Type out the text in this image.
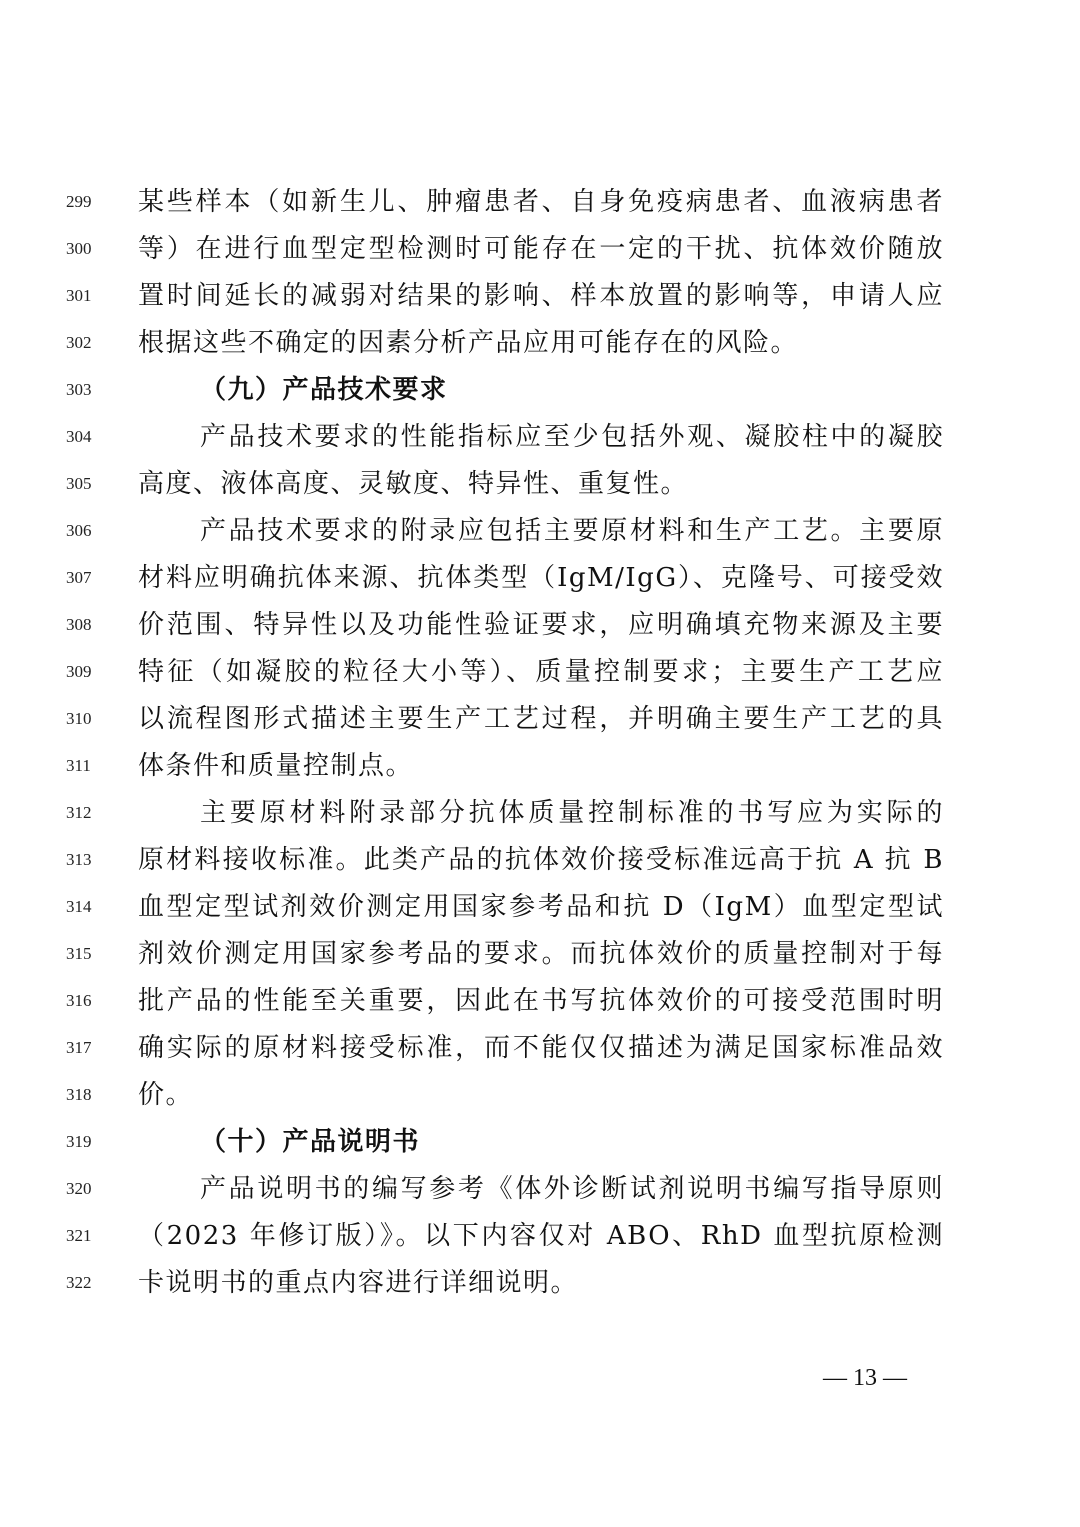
299	某些样本（如新生儿、肿瘤患者、自身免疫病患者、血液病患者
300	等）在进行血型定型检测时可能存在一定的干扰、抗体效价随放
301	置时间延长的减弱对结果的影响、样本放置的影响等，申请人应
302	根据这些不确定的因素分析产品应用可能存在的风险。
303	（九）产品技术要求
304	产品技术要求的性能指标应至少包括外观、凝胶柱中的凝胶
305	高度、液体高度、灵敏度、特异性、重复性。
306	产品技术要求的附录应包括主要原材料和生产工艺。主要原
307	材料应明确抗体来源、抗体类型（IgM/IgG）、克隆号、可接受效
308	价范围、特异性以及功能性验证要求，应明确填充物来源及主要
309	特征（如凝胶的粒径大小等）、质量控制要求；主要生产工艺应
310	以流程图形式描述主要生产工艺过程，并明确主要生产工艺的具
311	体条件和质量控制点。
312	主要原材料附录部分抗体质量控制标准的书写应为实际的
313	原材料接收标准。此类产品的抗体效价接受标准远高于抗 A 抗 B
314	血型定型试剂效价测定用国家参考品和抗 D（IgM）血型定型试
315	剂效价测定用国家参考品的要求。而抗体效价的质量控制对于每
316	批产品的性能至关重要，因此在书写抗体效价的可接受范围时明
317	确实际的原材料接受标准，而不能仅仅描述为满足国家标准品效
318	价。
319	（十）产品说明书
320	产品说明书的编写参考《体外诊断试剂说明书编写指导原则
321	（2023 年修订版）》。以下内容仅对 ABO、RhD 血型抗原检测
322	卡说明书的重点内容进行详细说明。
— 13 —
